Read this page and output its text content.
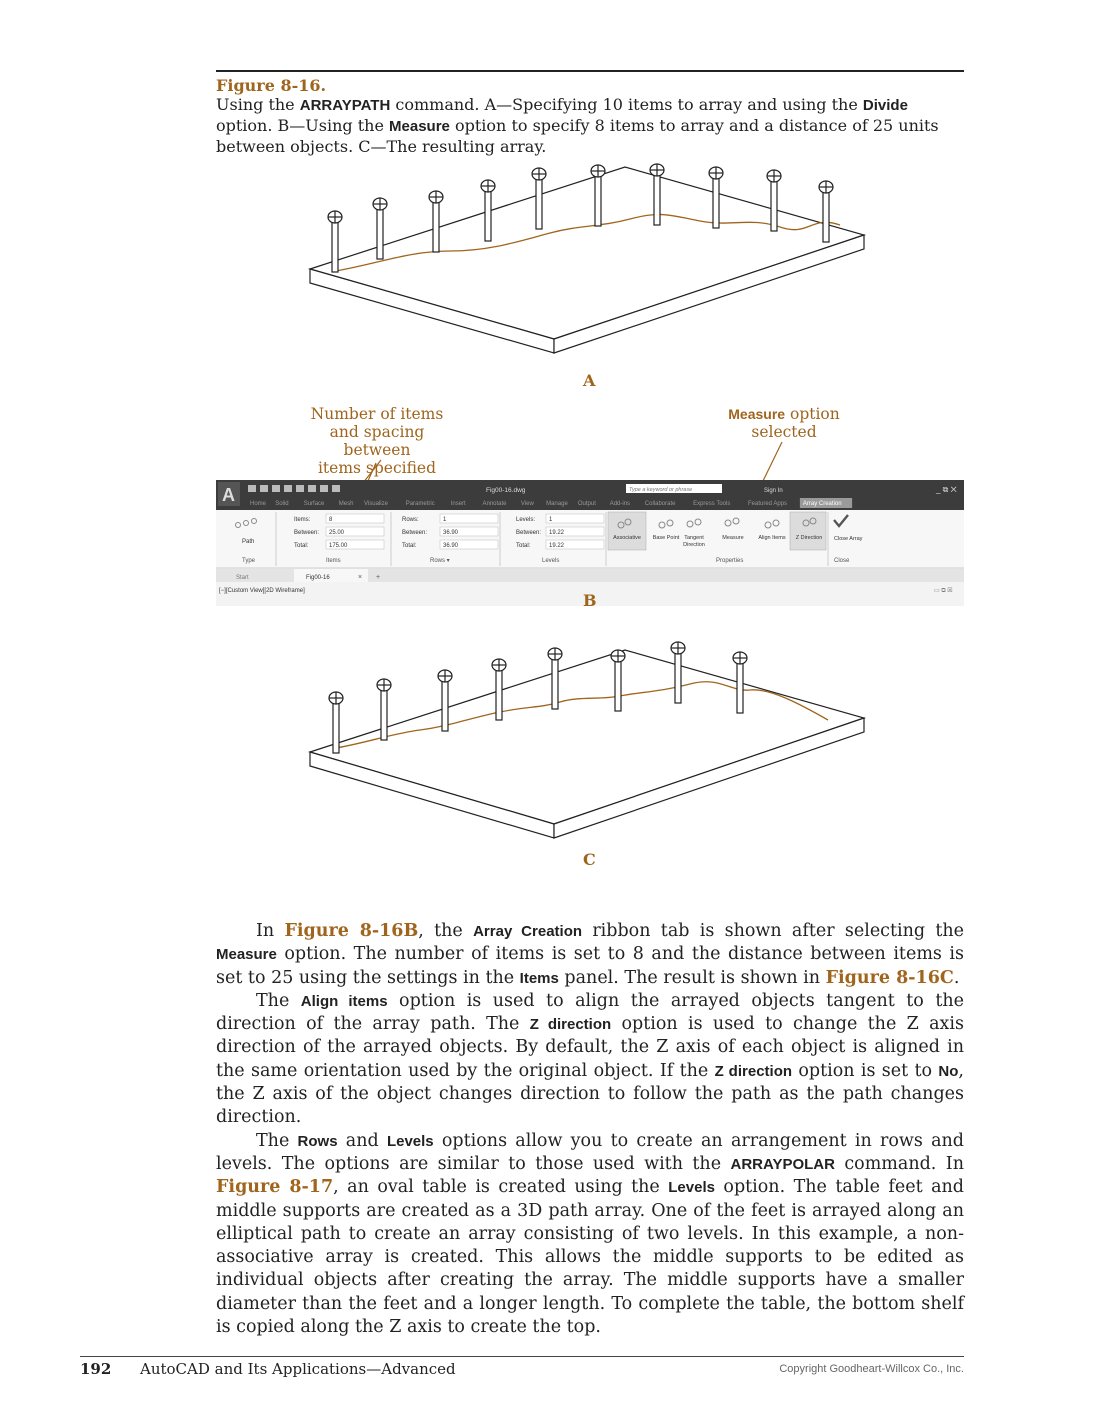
Figure 8-16.
Using the ARRAYPATH command. A—Specifying 10 items to array and using the Divide option. B—Using the Measure option to specify 8 items to array and a distance of 25 units between objects. C—The resulting array.
A
Number of items
and spacing between
items specified
Measure option
selected
A	Fig00-16.dwg	Type a keyword or phrase	Sign In	_ ⧉ ✕
Home Solid	Surface Mesh Visualize	Parametric	Insert	Annotate View Manage Output Add-ins Collaborate	Express Tools	Featured Apps	Array Creation
Path
Type
Items:
Between:
Total:
8
25.00
175.00
Items
Rows:
Between:
Total:
1
36.90
36.90
Rows ▾
Levels:
Between:
Total:
1
19.22
19.22
Levels
Associative Base Point
Direction
Tangent	Measure	Align Items Z Direction
Properties
Close Array
Close
Start	Fig00-16	× +
[−][Custom View][2D Wireframe]	▭ ⧉ ☒
B
C

In Figure 8-16B, the Array Creation ribbon tab is shown after selecting the Measure option. The number of items is set to 8 and the distance between items is set to 25 using the settings in the Items panel. The result is shown in Figure 8-16C.

The Align items option is used to align the arrayed objects tangent to the direction of the array path. The Z direction option is used to change the Z axis direction of the arrayed objects. By default, the Z axis of each object is aligned in the same orientation used by the original object. If the Z direction option is set to No, the Z axis of the object changes direction to follow the path as the path changes direction.

The Rows and Levels options allow you to create an arrangement in rows and levels. The options are similar to those used with the ARRAYPOLAR command. In Figure 8-17, an oval table is created using the Levels option. The table feet and middle supports are created as a 3D path array. One of the feet is arrayed along an elliptical path to create an array consisting of two levels. In this example, a non-associative array is created. This allows the middle supports to be edited as individual objects after creating the array. The middle supports have a smaller diameter than the feet and a longer length. To complete the table, the bottom shelf is copied along the Z axis to create the top.

192 AutoCAD and Its Applications—Advanced	Copyright Goodheart-Willcox Co., Inc.
